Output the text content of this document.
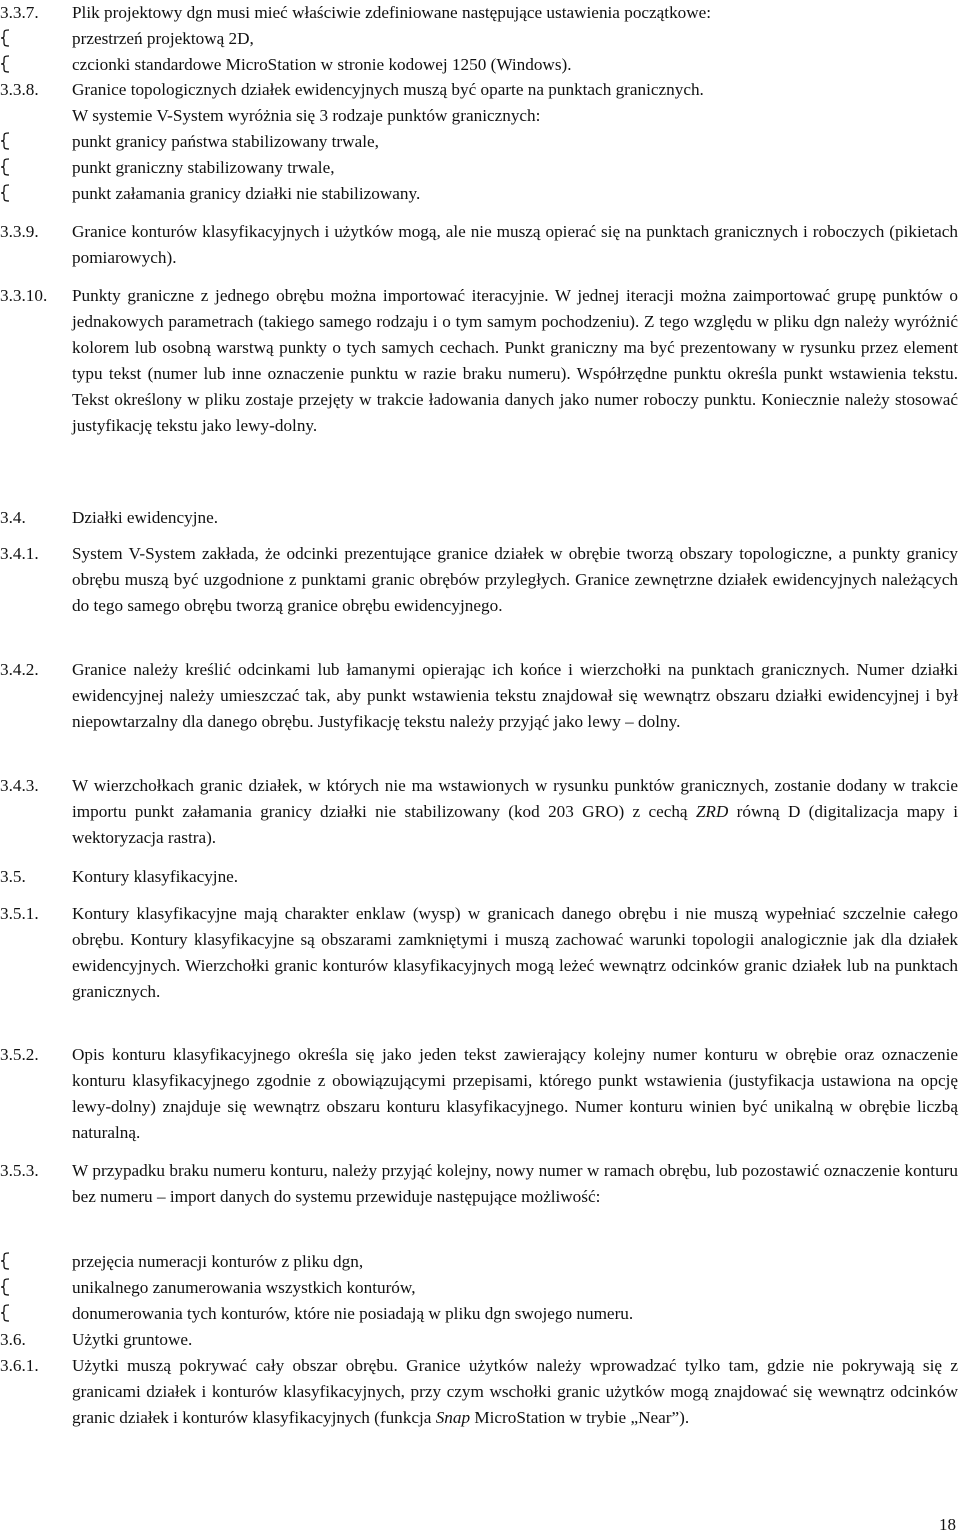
3.3.7.	Plik projektowy dgn musi mieć właściwie zdefiniowane następujące ustawienia początkowe:
przestrzeń projektową 2D,
czcionki standardowe MicroStation w stronie kodowej 1250 (Windows).
3.3.8.	Granice topologicznych działek ewidencyjnych muszą być oparte na punktach granicznych.
W systemie V-System wyróżnia się 3 rodzaje punktów granicznych:
punkt granicy państwa stabilizowany trwale,
punkt graniczny stabilizowany trwale,
punkt załamania granicy działki nie stabilizowany.
3.3.9.	Granice konturów klasyfikacyjnych i użytków mogą, ale nie muszą opierać się na punktach granicznych i roboczych (pikietach pomiarowych).
3.3.10.	Punkty graniczne z jednego obrębu można importować iteracyjnie. W jednej iteracji można zaimportować grupę punktów o jednakowych parametrach (takiego samego rodzaju i o tym samym pochodzeniu). Z tego względu w pliku dgn należy wyróżnić kolorem lub osobną warstwą punkty o tych samych cechach. Punkt graniczny ma być prezentowany w rysunku przez element typu tekst (numer lub inne oznaczenie punktu w razie braku numeru). Współrzędne punktu określa punkt wstawienia tekstu. Tekst określony w pliku zostaje przejęty w trakcie ładowania danych jako numer roboczy punktu. Koniecznie należy stosować justyfikację tekstu jako lewy-dolny.
3.4.	Działki ewidencyjne.
3.4.1.	System V-System zakłada, że odcinki prezentujące granice działek w obrębie tworzą obszary topologiczne, a punkty granicy obrębu muszą być uzgodnione z punktami granic obrębów przyległych. Granice zewnętrzne działek ewidencyjnych należących do tego samego obrębu tworzą granice obrębu ewidencyjnego.
3.4.2.	Granice należy kreślić odcinkami lub łamanymi opierając ich końce i wierzchołki na punktach granicznych. Numer działki ewidencyjnej należy umieszczać tak, aby punkt wstawienia tekstu znajdował się wewnątrz obszaru działki ewidencyjnej i był niepowtarzalny dla danego obrębu. Justyfikację tekstu należy przyjąć jako lewy – dolny.
3.4.3.	W wierzchołkach granic działek, w których nie ma wstawionych w rysunku punktów granicznych, zostanie dodany w trakcie importu punkt załamania granicy działki nie stabilizowany (kod 203 GRO) z cechą ZRD równą D (digitalizacja mapy i wektoryzacja rastra).
3.5.	Kontury klasyfikacyjne.
3.5.1.	Kontury klasyfikacyjne mają charakter enklaw (wysp) w granicach danego obrębu i nie muszą wypełniać szczelnie całego obrębu. Kontury klasyfikacyjne są obszarami zamkniętymi i muszą zachować warunki topologii analogicznie jak dla działek ewidencyjnych. Wierzchołki granic konturów klasyfikacyjnych mogą leżeć wewnątrz odcinków granic działek lub na punktach granicznych.
3.5.2.	Opis konturu klasyfikacyjnego określa się jako jeden tekst zawierający kolejny numer konturu w obrębie oraz oznaczenie konturu klasyfikacyjnego zgodnie z obowiązującymi przepisami, którego punkt wstawienia (justyfikacja ustawiona na opcję lewy-dolny) znajduje się wewnątrz obszaru konturu klasyfikacyjnego. Numer konturu winien być unikalną w obrębie liczbą naturalną.
3.5.3.	W przypadku braku numeru konturu, należy przyjąć kolejny, nowy numer w ramach obrębu, lub pozostawić oznaczenie konturu bez numeru – import danych do systemu przewiduje następujące możliwość:
przejęcia numeracji konturów z pliku dgn,
unikalnego zanumerowania wszystkich konturów,
donumerowania tych konturów, które nie posiadają w pliku dgn swojego numeru.
3.6.	Użytki gruntowe.
3.6.1.	Użytki muszą pokrywać cały obszar obrębu. Granice użytków należy wprowadzać tylko tam, gdzie nie pokrywają się z granicami działek i konturów klasyfikacyjnych, przy czym wschołki granic użytków mogą znajdować się wewnątrz odcinków granic działek i konturów klasyfikacyjnych (funkcja Snap MicroStation w trybie „Near”).
18
